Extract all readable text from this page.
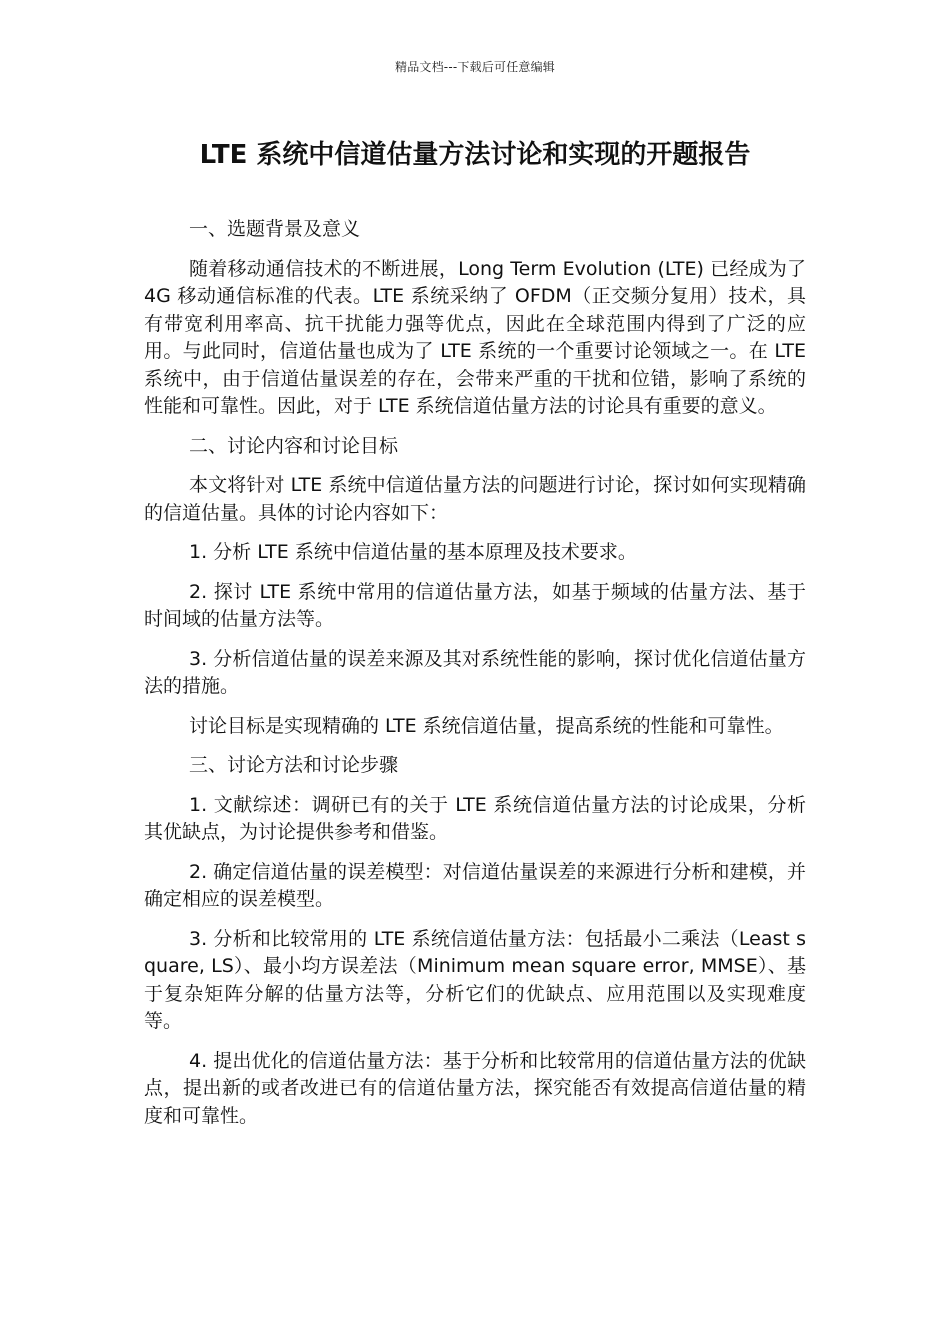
精品文档---下载后可任意编辑
LTE 系统中信道估量方法讨论和实现的开题报告

一、选题背景及意义

随着移动通信技术的不断进展，Long Term Evolution (LTE) 已经成为了 4G 移动通信标准的代表。LTE 系统采纳了 OFDM（正交频分复用）技术，具有带宽利用率高、抗干扰能力强等优点，因此在全球范围内得到了广泛的应用。与此同时，信道估量也成为了 LTE 系统的一个重要讨论领域之一。在 LTE 系统中，由于信道估量误差的存在，会带来严重的干扰和位错，影响了系统的性能和可靠性。因此，对于 LTE 系统信道估量方法的讨论具有重要的意义。

二、讨论内容和讨论目标

本文将针对 LTE 系统中信道估量方法的问题进行讨论，探讨如何实现精确的信道估量。具体的讨论内容如下：

1. 分析 LTE 系统中信道估量的基本原理及技术要求。

2. 探讨 LTE 系统中常用的信道估量方法，如基于频域的估量方法、基于时间域的估量方法等。

3. 分析信道估量的误差来源及其对系统性能的影响，探讨优化信道估量方法的措施。

讨论目标是实现精确的 LTE 系统信道估量，提高系统的性能和可靠性。

三、讨论方法和讨论步骤

1. 文献综述：调研已有的关于 LTE 系统信道估量方法的讨论成果，分析其优缺点，为讨论提供参考和借鉴。

2. 确定信道估量的误差模型：对信道估量误差的来源进行分析和建模，并确定相应的误差模型。

3. 分析和比较常用的 LTE 系统信道估量方法：包括最小二乘法（Least square, LS）、最小均方误差法（Minimum mean square error, MMSE）、基于复杂矩阵分解的估量方法等，分析它们的优缺点、应用范围以及实现难度等。

4. 提出优化的信道估量方法：基于分析和比较常用的信道估量方法的优缺点，提出新的或者改进已有的信道估量方法，探究能否有效提高信道估量的精度和可靠性。
